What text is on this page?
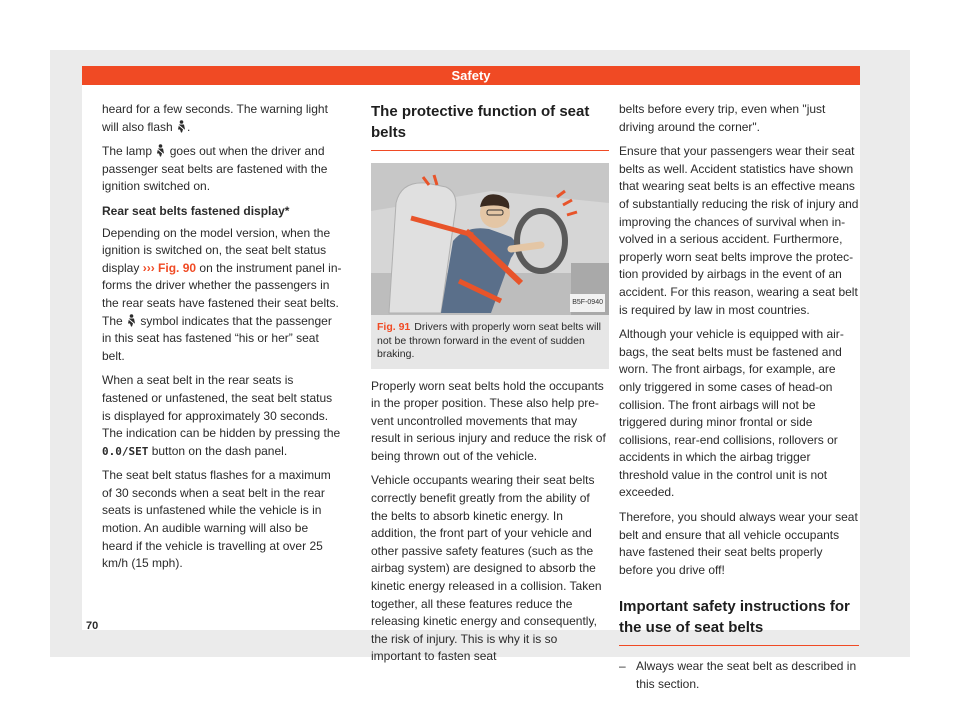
Safety

heard for a few seconds. The warning light will also flash .

The lamp goes out when the driver and passenger seat belts are fastened with the ignition switched on.

Rear seat belts fastened display*

Depending on the model version, when the ignition is switched on, the seat belt status display ››› Fig. 90 on the instrument panel informs the driver whether the passengers in the rear seats have fastened their seat belts. The symbol indicates that the passenger in this seat has fastened “his or her” seat belt.

When a seat belt in the rear seats is fastened or unfastened, the seat belt status is displayed for approximately 30 seconds. The indication can be hidden by pressing the 0.0/SET button on the dash panel.

The seat belt status flashes for a maximum of 30 seconds when a seat belt in the rear seats is unfastened while the vehicle is in motion. An audible warning will also be heard if the vehicle is travelling at over 25 km/h (15 mph).

The protective function of seat belts

B5F-0940
Fig. 91 Drivers with properly worn seat belts will not be thrown forward in the event of sudden braking.

Properly worn seat belts hold the occupants in the proper position. These also help prevent uncontrolled movements that may result in serious injury and reduce the risk of being thrown out of the vehicle.

Vehicle occupants wearing their seat belts correctly benefit greatly from the ability of the belts to absorb kinetic energy. In addition, the front part of your vehicle and other passive safety features (such as the airbag system) are designed to absorb the kinetic energy released in a collision. Taken together, all these features reduce the releasing kinetic energy and consequently, the risk of injury. This is why it is so important to fasten seat

belts before every trip, even when "just driving around the corner".

Ensure that your passengers wear their seat belts as well. Accident statistics have shown that wearing seat belts is an effective means of substantially reducing the risk of injury and improving the chances of survival when involved in a serious accident. Furthermore, properly worn seat belts improve the protection provided by airbags in the event of an accident. For this reason, wearing a seat belt is required by law in most countries.

Although your vehicle is equipped with airbags, the seat belts must be fastened and worn. The front airbags, for example, are only triggered in some cases of head-on collision. The front airbags will not be triggered during minor frontal or side collisions, rear-end collisions, rollovers or accidents in which the airbag trigger threshold value in the control unit is not exceeded.

Therefore, you should always wear your seat belt and ensure that all vehicle occupants have fastened their seat belts properly before you drive off!

Important safety instructions for the use of seat belts

– Always wear the seat belt as described in this section.

70
